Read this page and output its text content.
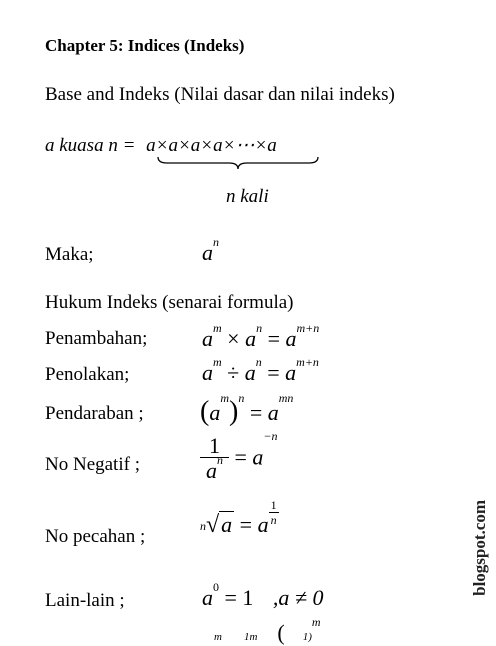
Chapter 5: Indices (Indeks)
Base and Indeks (Nilai dasar dan nilai indeks)
a kuasa n = a×a×a×a×⋯×a
n kali
Maka;	$a^n$
Hukum Indeks (senarai formula)
Penambahan; $a^m \times a^n = a^{m+n}$
Penolakan;	$a^m \div a^n = a^{m+n}$
Pendaraban ; $(a^m)^n = a^{mn}$
No Negatif ;	$\frac{1}{a^n} = a^{-n}$
No pecahan ;	n√a = a $\frac{1}{n}$
Lain-lain ;	$a^0 = 1$ ,a ≠ 0
m 1m ( 1)$^m$
blogspot.com
